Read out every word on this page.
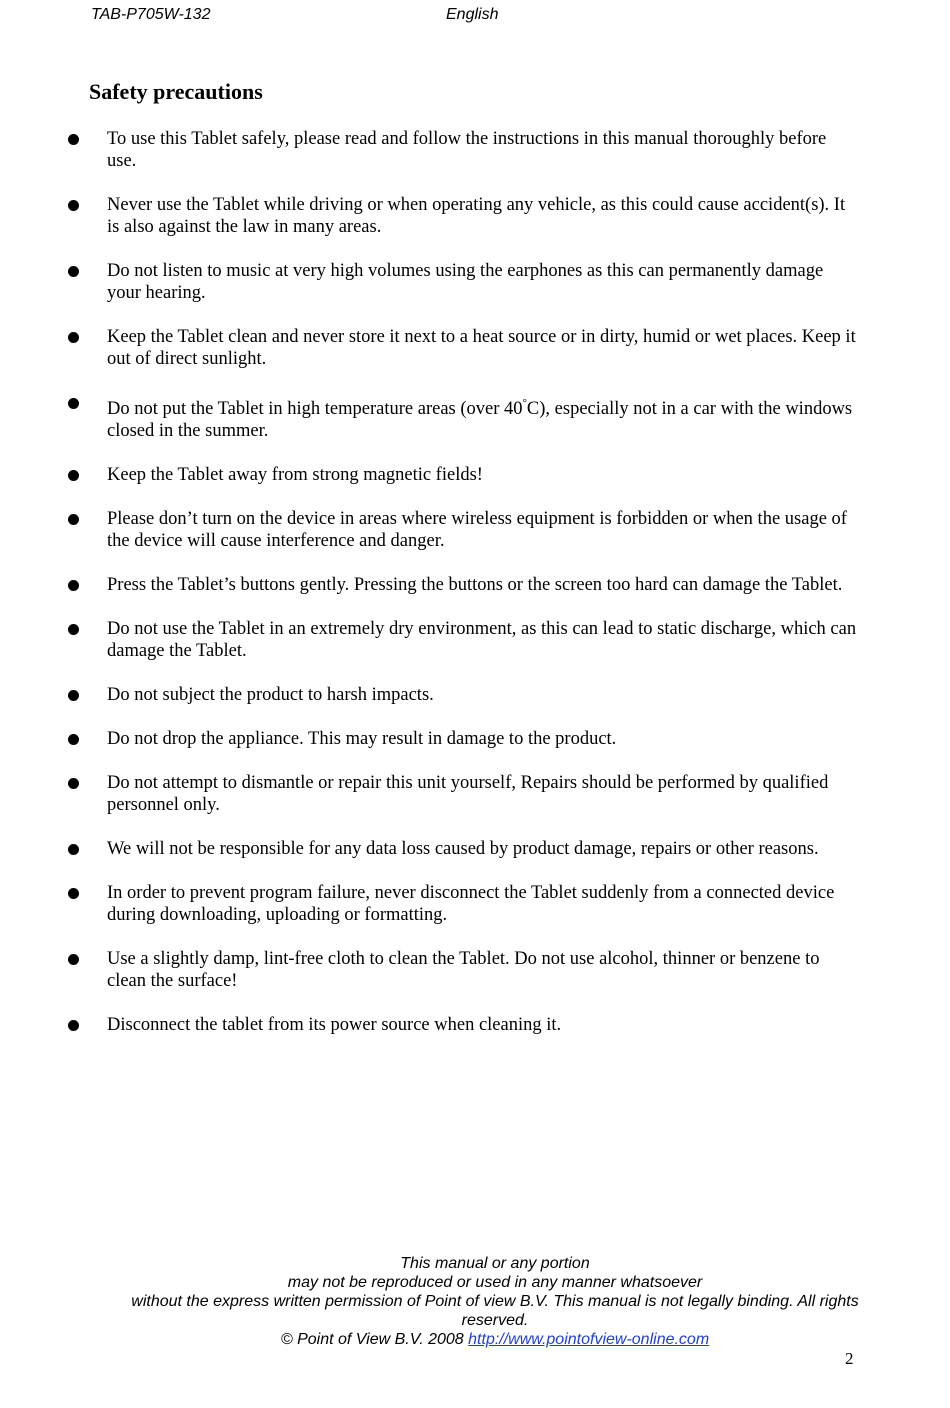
TAB-P705W-132	English
Safety precautions
To use this Tablet safely, please read and follow the instructions in this manual thoroughly before use.
Never use the Tablet while driving or when operating any vehicle, as this could cause accident(s). It is also against the law in many areas.
Do not listen to music at very high volumes using the earphones as this can permanently damage your hearing.
Keep the Tablet clean and never store it next to a heat source or in dirty, humid or wet places. Keep it out of direct sunlight.
Do not put the Tablet in high temperature areas (over 40°C), especially not in a car with the windows closed in the summer.
Keep the Tablet away from strong magnetic fields!
Please don’t turn on the device in areas where wireless equipment is forbidden or when the usage of the device will cause interference and danger.
Press the Tablet’s buttons gently. Pressing the buttons or the screen too hard can damage the Tablet.
Do not use the Tablet in an extremely dry environment, as this can lead to static discharge, which can damage the Tablet.
Do not subject the product to harsh impacts.
Do not drop the appliance. This may result in damage to the product.
Do not attempt to dismantle or repair this unit yourself, Repairs should be performed by qualified personnel only.
We will not be responsible for any data loss caused by product damage, repairs or other reasons.
In order to prevent program failure, never disconnect the Tablet suddenly from a connected device during downloading, uploading or formatting.
Use a slightly damp, lint-free cloth to clean the Tablet. Do not use alcohol, thinner or benzene to clean the surface!
Disconnect the tablet from its power source when cleaning it.
This manual or any portion
may not be reproduced or used in any manner whatsoever
without the express written permission of Point of view B.V. This manual is not legally binding. All rights reserved.
© Point of View B.V. 2008 http://www.pointofview-online.com
2
